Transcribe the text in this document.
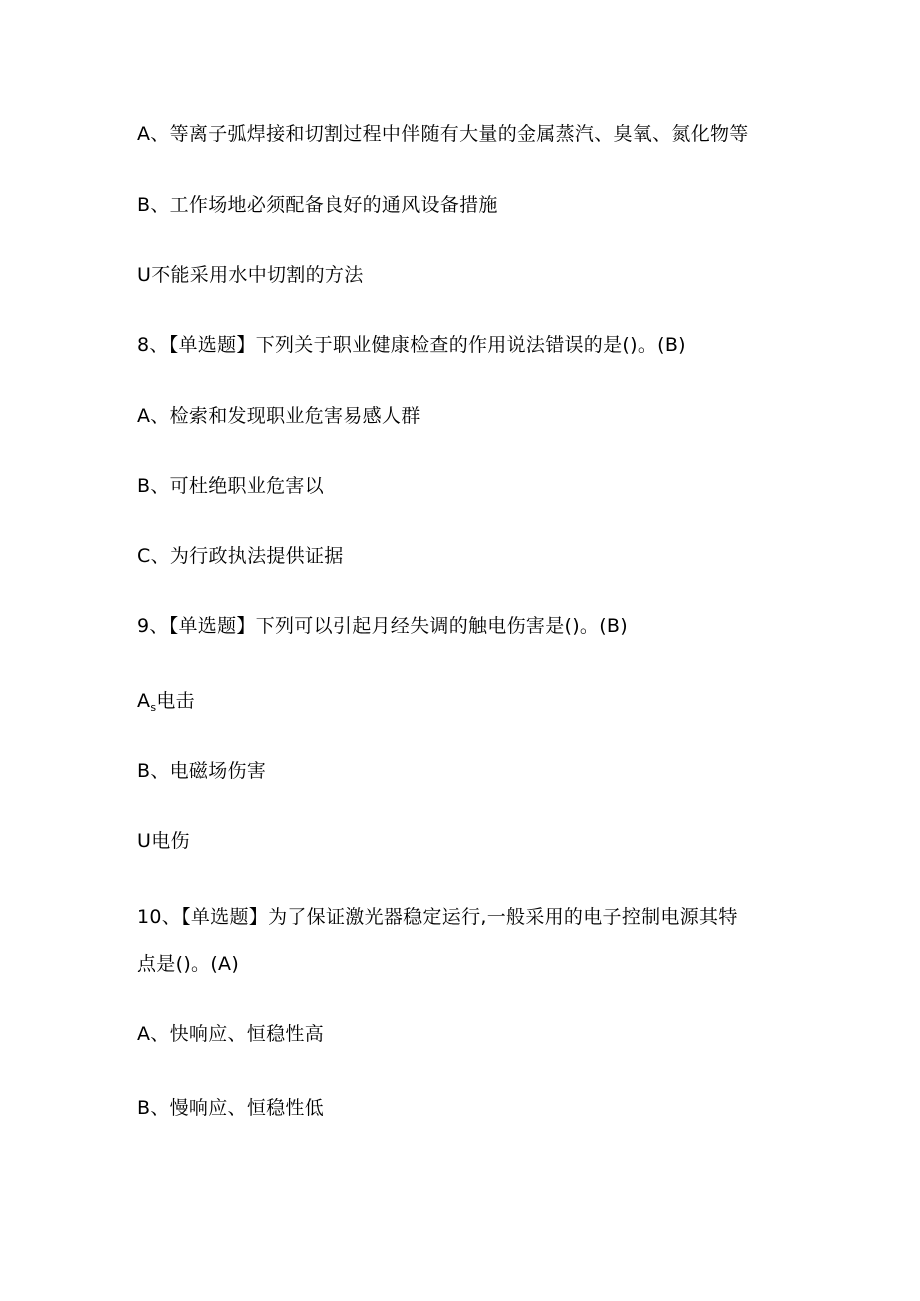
A、等离子弧焊接和切割过程中伴随有大量的金属蒸汽、臭氧、氮化物等
B、工作场地必须配备良好的通风设备措施
U不能采用水中切割的方法
8、【单选题】下列关于职业健康检查的作用说法错误的是()。(B)
A、检索和发现职业危害易感人群
B、可杜绝职业危害以
C、为行政执法提供证据
9、【单选题】下列可以引起月经失调的触电伤害是()。(B)
$A_s$电击
B、电磁场伤害
U电伤
10、【单选题】为了保证激光器稳定运行,一般采用的电子控制电源其特
点是()。(A)
A、快响应、恒稳性高
B、慢响应、恒稳性低
